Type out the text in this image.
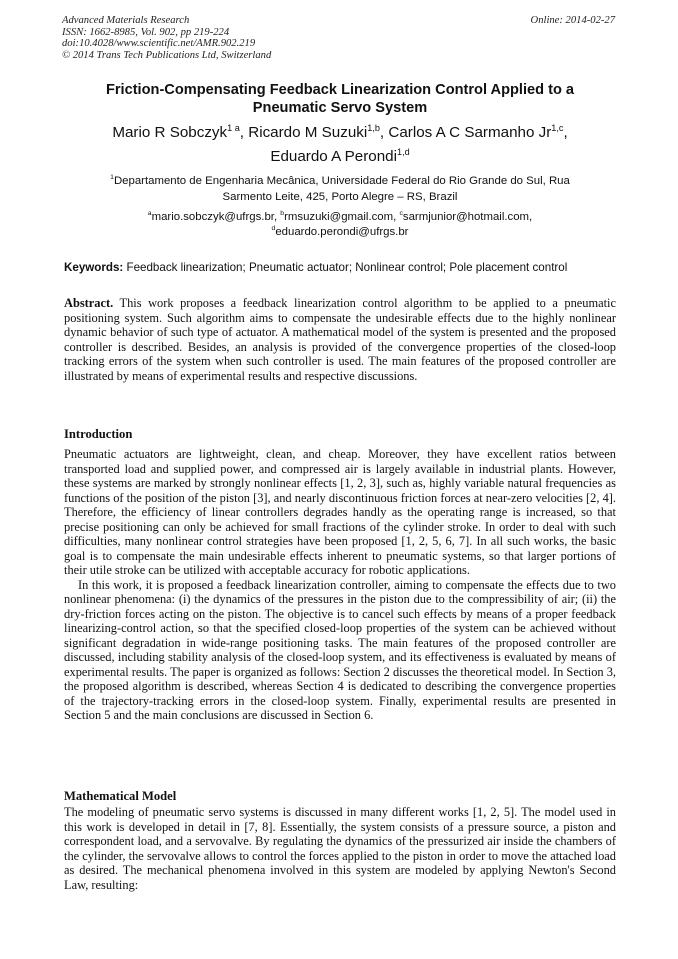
Advanced Materials Research
ISSN: 1662-8985, Vol. 902, pp 219-224
doi:10.4028/www.scientific.net/AMR.902.219
© 2014 Trans Tech Publications Ltd, Switzerland
Online: 2014-02-27
Friction-Compensating Feedback Linearization Control Applied to a
Pneumatic Servo System
Mario R Sobczyk$^{1 a}$, Ricardo M Suzuki$^{1,b}$, Carlos A C Sarmanho Jr$^{1,c}$,
Eduardo A Perondi$^{1,d}$
$^1$Departamento de Engenharia Mecânica, Universidade Federal do Rio Grande do Sul, Rua
Sarmento Leite, 425, Porto Alegre – RS, Brazil
$^a$mario.sobczyk@ufrgs.br, $^b$rmsuzuki@gmail.com, $^c$sarmjunior@hotmail.com,
$^d$eduardo.perondi@ufrgs.br
Keywords: Feedback linearization; Pneumatic actuator; Nonlinear control; Pole placement control
Abstract. This work proposes a feedback linearization control algorithm to be applied to a pneumatic positioning system. Such algorithm aims to compensate the undesirable effects due to the highly nonlinear dynamic behavior of such type of actuator. A mathematical model of the system is presented and the proposed controller is described. Besides, an analysis is provided of the convergence properties of the closed-loop tracking errors of the system when such controller is used. The main features of the proposed controller are illustrated by means of experimental results and respective discussions.
Introduction
Pneumatic actuators are lightweight, clean, and cheap. Moreover, they have excellent ratios between transported load and supplied power, and compressed air is largely available in industrial plants. However, these systems are marked by strongly nonlinear effects [1, 2, 3], such as, highly variable natural frequencies as functions of the position of the piston [3], and nearly discontinuous friction forces at near-zero velocities [2, 4]. Therefore, the efficiency of linear controllers degrades handly as the operating range is increased, so that precise positioning can only be achieved for small fractions of the cylinder stroke. In order to deal with such difficulties, many nonlinear control strategies have been proposed [1, 2, 5, 6, 7]. In all such works, the basic goal is to compensate the main undesirable effects inherent to pneumatic systems, so that larger portions of their utile stroke can be utilized with acceptable accuracy for robotic applications.
In this work, it is proposed a feedback linearization controller, aiming to compensate the effects due to two nonlinear phenomena: (i) the dynamics of the pressures in the piston due to the compressibility of air; (ii) the dry-friction forces acting on the piston. The objective is to cancel such effects by means of a proper feedback linearizing-control action, so that the specified closed-loop properties of the system can be achieved without significant degradation in wide-range positioning tasks. The main features of the proposed controller are discussed, including stability analysis of the closed-loop system, and its effectiveness is evaluated by means of experimental results. The paper is organized as follows: Section 2 discusses the theoretical model. In Section 3, the proposed algorithm is described, whereas Section 4 is dedicated to describing the convergence properties of the trajectory-tracking errors in the closed-loop system. Finally, experimental results are presented in Section 5 and the main conclusions are discussed in Section 6.
Mathematical Model
The modeling of pneumatic servo systems is discussed in many different works [1, 2, 5]. The model used in this work is developed in detail in [7, 8]. Essentially, the system consists of a pressure source, a piston and correspondent load, and a servovalve. By regulating the dynamics of the pressurized air inside the chambers of the cylinder, the servovalve allows to control the forces applied to the piston in order to move the attached load as desired. The mechanical phenomena involved in this system are modeled by applying Newton's Second Law, resulting:
